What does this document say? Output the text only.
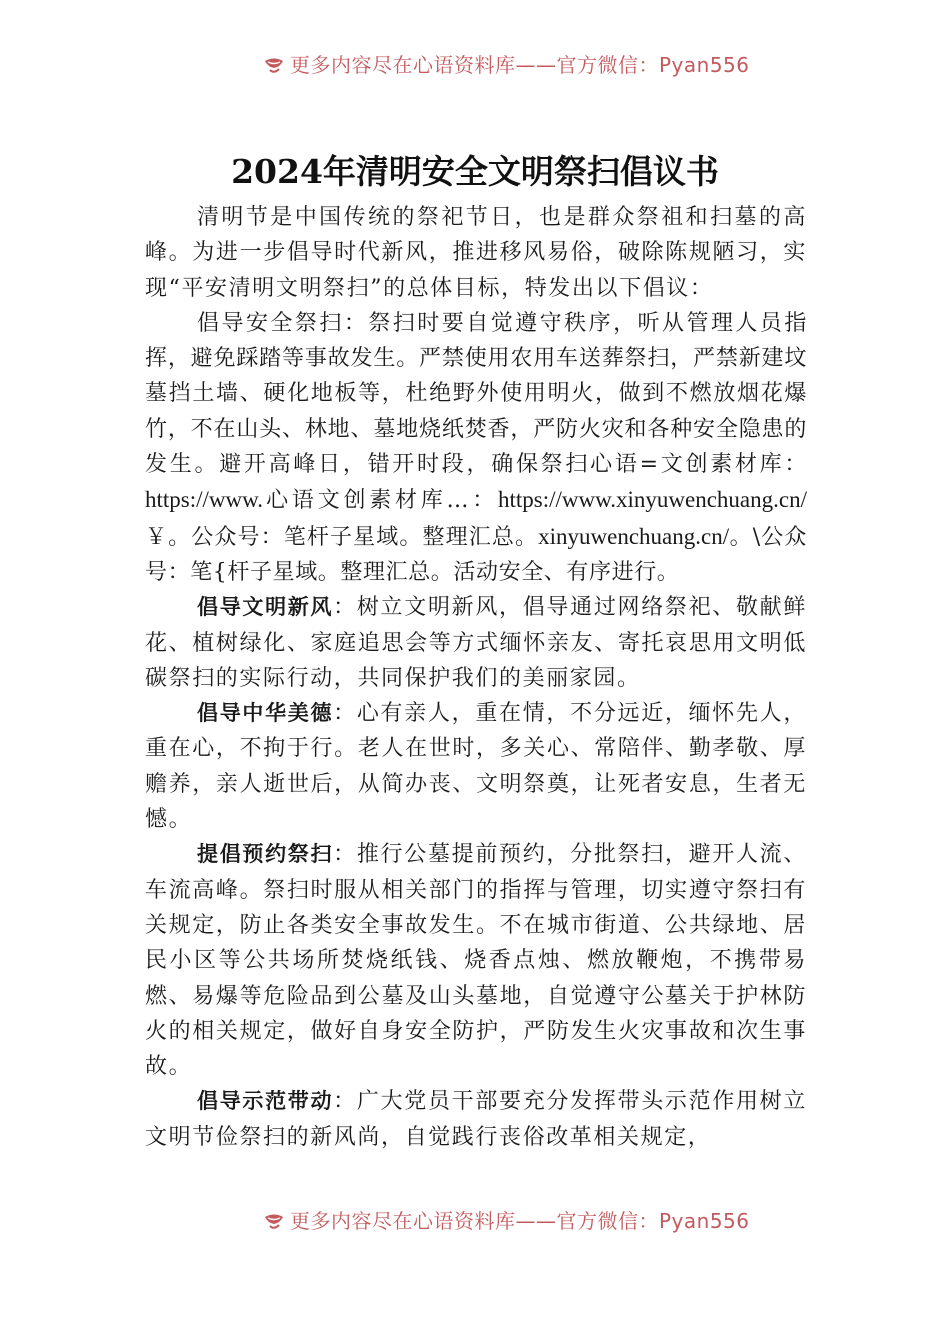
更多内容尽在心语资料库——官方微信：Pyan556
2024年清明安全文明祭扫倡议书

清明节是中国传统的祭祀节日，也是群众祭祖和扫墓的高峰。为进一步倡导时代新风，推进移风易俗，破除陈规陋习，实现“平安清明文明祭扫”的总体目标，特发出以下倡议：

倡导安全祭扫：祭扫时要自觉遵守秩序，听从管理人员指挥，避免踩踏等事故发生。严禁使用农用车送葬祭扫，严禁新建坟墓挡土墙、硬化地板等，杜绝野外使用明火，做到不燃放烟花爆竹，不在山头、林地、墓地烧纸焚香，严防火灾和各种安全隐患的发生。避开高峰日，错开时段，确保祭扫心语=文创素材库：https://www.心语文创素材库…：https://www.xinyuwenchuang.cn/￥。公众号：笔杆子星域。整理汇总。xinyuwenchuang.cn/。\公众号：笔{杆子星域。整理汇总。活动安全、有序进行。

倡导文明新风：树立文明新风，倡导通过网络祭祀、敬献鲜花、植树绿化、家庭追思会等方式缅怀亲友、寄托哀思用文明低碳祭扫的实际行动，共同保护我们的美丽家园。

倡导中华美德：心有亲人，重在情，不分远近，缅怀先人，重在心，不拘于行。老人在世时，多关心、常陪伴、勤孝敬、厚赡养，亲人逝世后，从简办丧、文明祭奠，让死者安息，生者无憾。

提倡预约祭扫：推行公墓提前预约，分批祭扫，避开人流、车流高峰。祭扫时服从相关部门的指挥与管理，切实遵守祭扫有关规定，防止各类安全事故发生。不在城市街道、公共绿地、居民小区等公共场所焚烧纸钱、烧香点烛、燃放鞭炮，不携带易燃、易爆等危险品到公墓及山头墓地，自觉遵守公墓关于护林防火的相关规定，做好自身安全防护，严防发生火灾事故和次生事故。

倡导示范带动：广大党员干部要充分发挥带头示范作用树立文明节俭祭扫的新风尚，自觉践行丧俗改革相关规定，

更多内容尽在心语资料库——官方微信：Pyan556
